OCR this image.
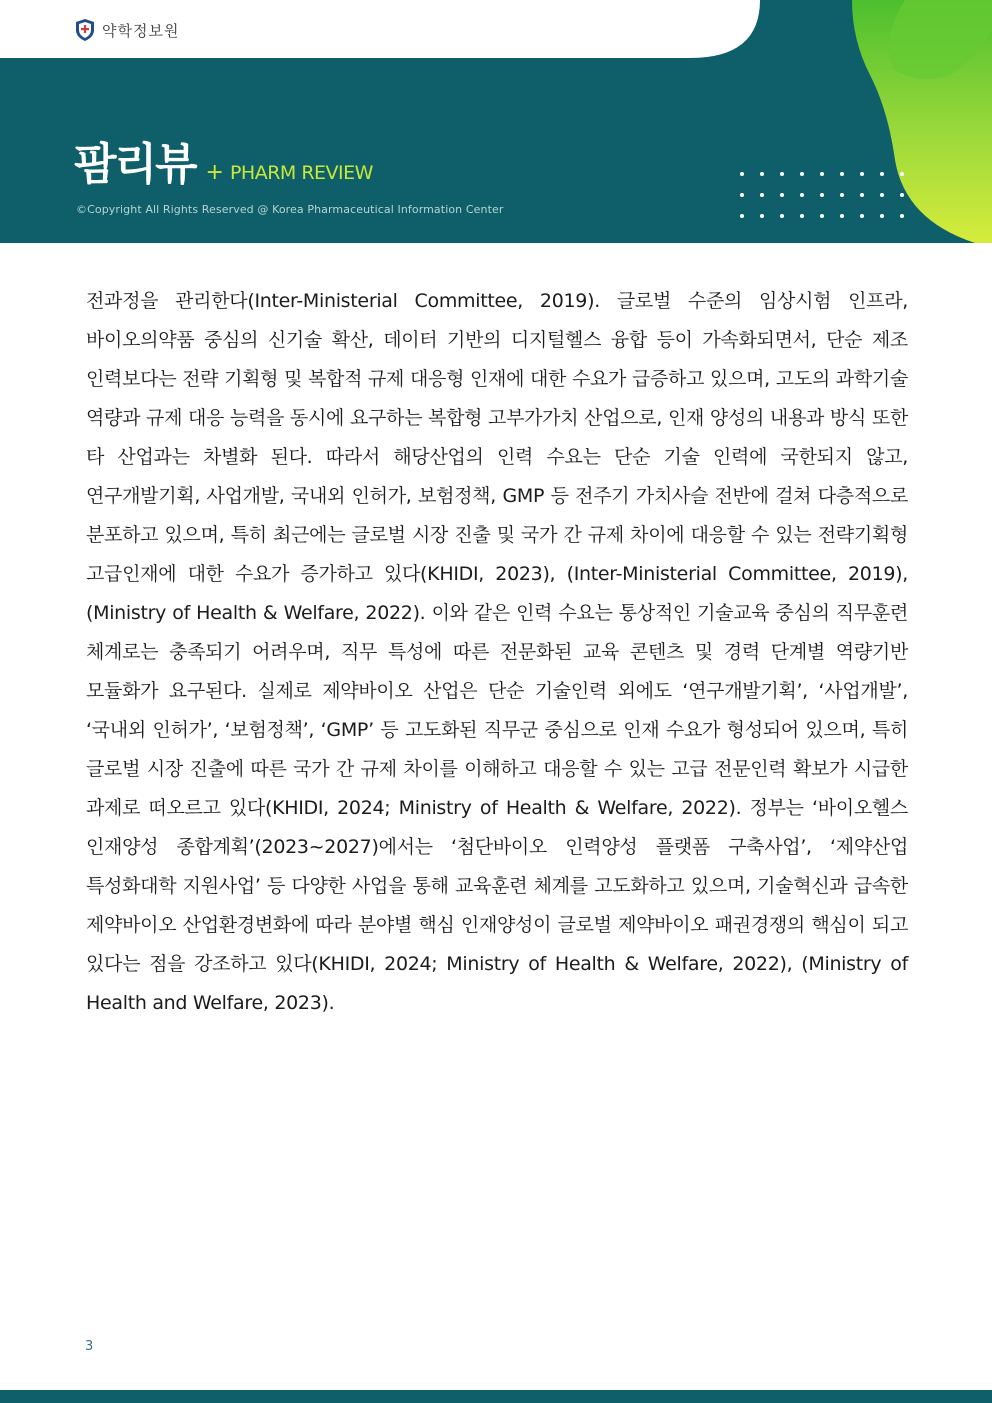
약학정보원
팜리뷰 + PHARM REVIEW
©Copyright All Rights Reserved @ Korea Pharmaceutical Information Center
전과정을 관리한다(Inter-Ministerial Committee, 2019). 글로벌 수준의 임상시험 인프라, 바이오의약품 중심의 신기술 확산, 데이터 기반의 디지털헬스 융합 등이 가속화되면서, 단순 제조 인력보다는 전략 기획형 및 복합적 규제 대응형 인재에 대한 수요가 급증하고 있으며, 고도의 과학기술 역량과 규제 대응 능력을 동시에 요구하는 복합형 고부가가치 산업으로, 인재 양성의 내용과 방식 또한 타 산업과는 차별화 된다. 따라서 해당산업의 인력 수요는 단순 기술 인력에 국한되지 않고, 연구개발기획, 사업개발, 국내외 인허가, 보험정책, GMP 등 전주기 가치사슬 전반에 걸쳐 다층적으로 분포하고 있으며, 특히 최근에는 글로벌 시장 진출 및 국가 간 규제 차이에 대응할 수 있는 전략기획형 고급인재에 대한 수요가 증가하고 있다(KHIDI, 2023), (Inter-Ministerial Committee, 2019), (Ministry of Health & Welfare, 2022). 이와 같은 인력 수요는 통상적인 기술교육 중심의 직무훈련 체계로는 충족되기 어려우며, 직무 특성에 따른 전문화된 교육 콘텐츠 및 경력 단계별 역량기반 모듈화가 요구된다. 실제로 제약바이오 산업은 단순 기술인력 외에도 ‘연구개발기획’, ‘사업개발’, ‘국내외 인허가’, ‘보험정책’, ‘GMP’ 등 고도화된 직무군 중심으로 인재 수요가 형성되어 있으며, 특히 글로벌 시장 진출에 따른 국가 간 규제 차이를 이해하고 대응할 수 있는 고급 전문인력 확보가 시급한 과제로 떠오르고 있다(KHIDI, 2024; Ministry of Health & Welfare, 2022). 정부는 ‘바이오헬스 인재양성 종합계획’(2023~2027)에서는 ‘첨단바이오 인력양성 플랫폼 구축사업’, ‘제약산업 특성화대학 지원사업’ 등 다양한 사업을 통해 교육훈련 체계를 고도화하고 있으며, 기술혁신과 급속한 제약바이오 산업환경변화에 따라 분야별 핵심 인재양성이 글로벌 제약바이오 패권경쟁의 핵심이 되고 있다는 점을 강조하고 있다(KHIDI, 2024; Ministry of Health & Welfare, 2022), (Ministry of Health and Welfare, 2023).
3
